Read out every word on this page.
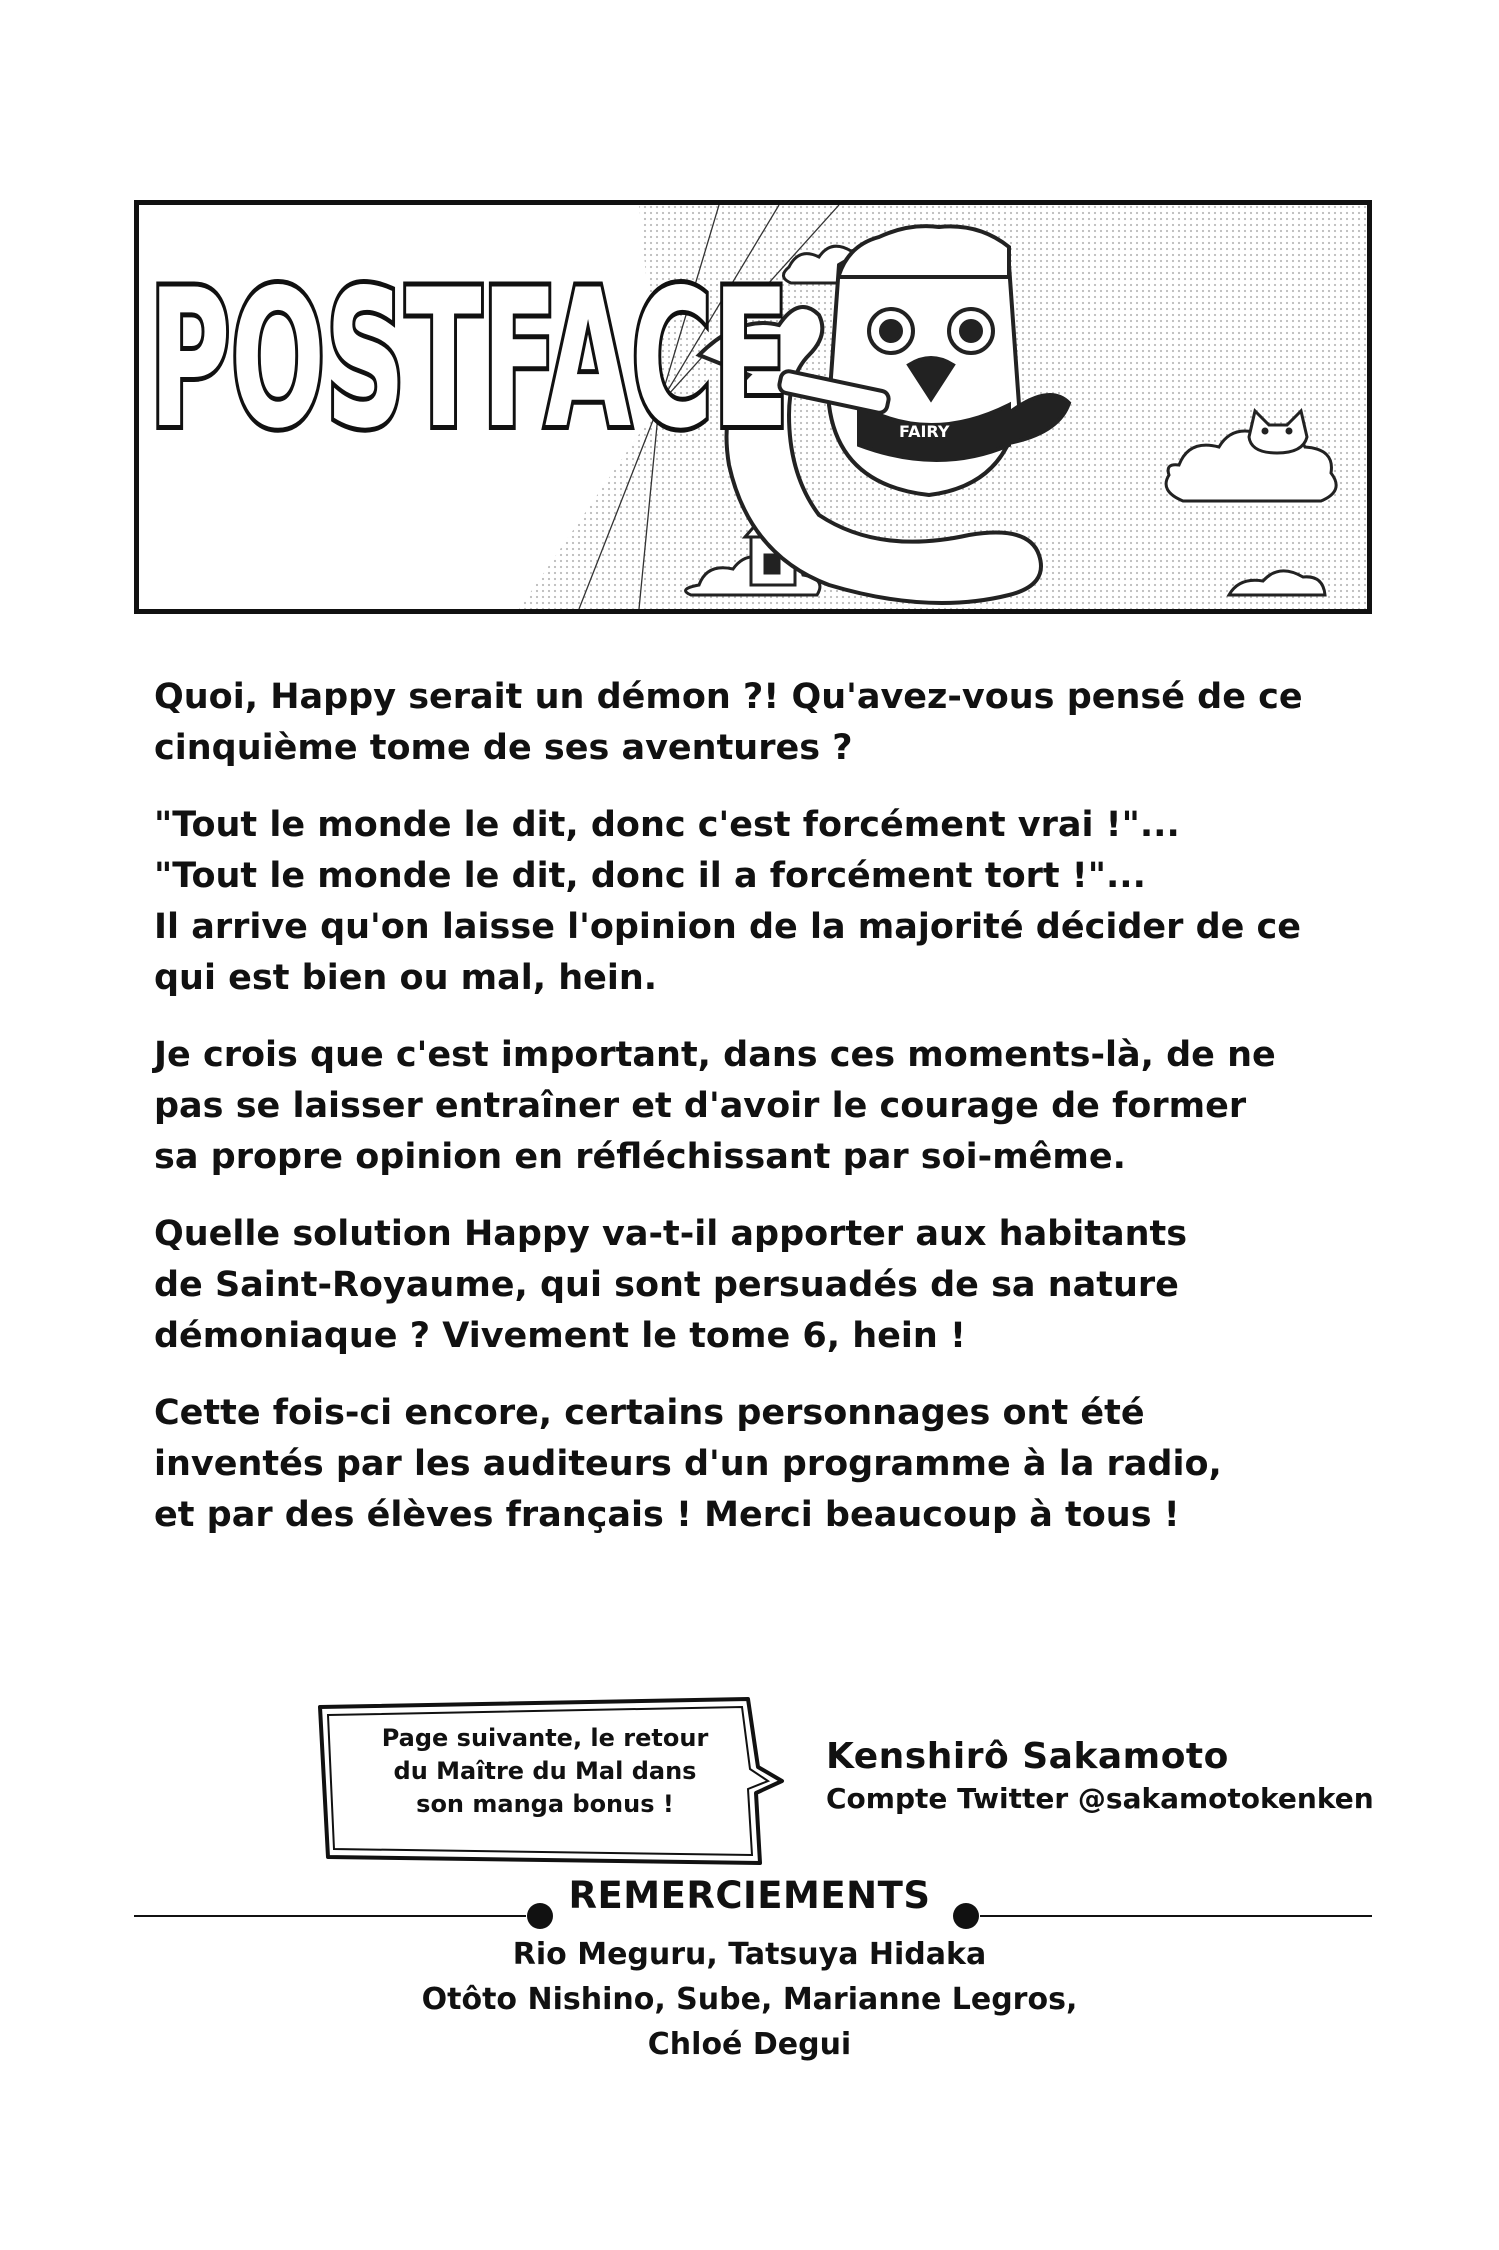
FAIRY
POSTFACE

Quoi, Happy serait un démon ?! Qu'avez-vous pensé de ce
cinquième tome de ses aventures ?

"Tout le monde le dit, donc c'est forcément vrai !"...
"Tout le monde le dit, donc il a forcément tort !"...
Il arrive qu'on laisse l'opinion de la majorité décider de ce
qui est bien ou mal, hein.

Je crois que c'est important, dans ces moments-là, de ne
pas se laisser entraîner et d'avoir le courage de former
sa propre opinion en réfléchissant par soi-même.

Quelle solution Happy va-t-il apporter aux habitants
de Saint-Royaume, qui sont persuadés de sa nature
démoniaque ? Vivement le tome 6, hein !

Cette fois-ci encore, certains personnages ont été
inventés par les auditeurs d'un programme à la radio,
et par des élèves français ! Merci beaucoup à tous !

Page suivante, le retour
du Maître du Mal dans
son manga bonus !
Kenshirô Sakamoto
Compte Twitter @sakamotokenken
REMERCIEMENTS
Rio Meguru, Tatsuya Hidaka
Otôto Nishino, Sube, Marianne Legros,
Chloé Degui
